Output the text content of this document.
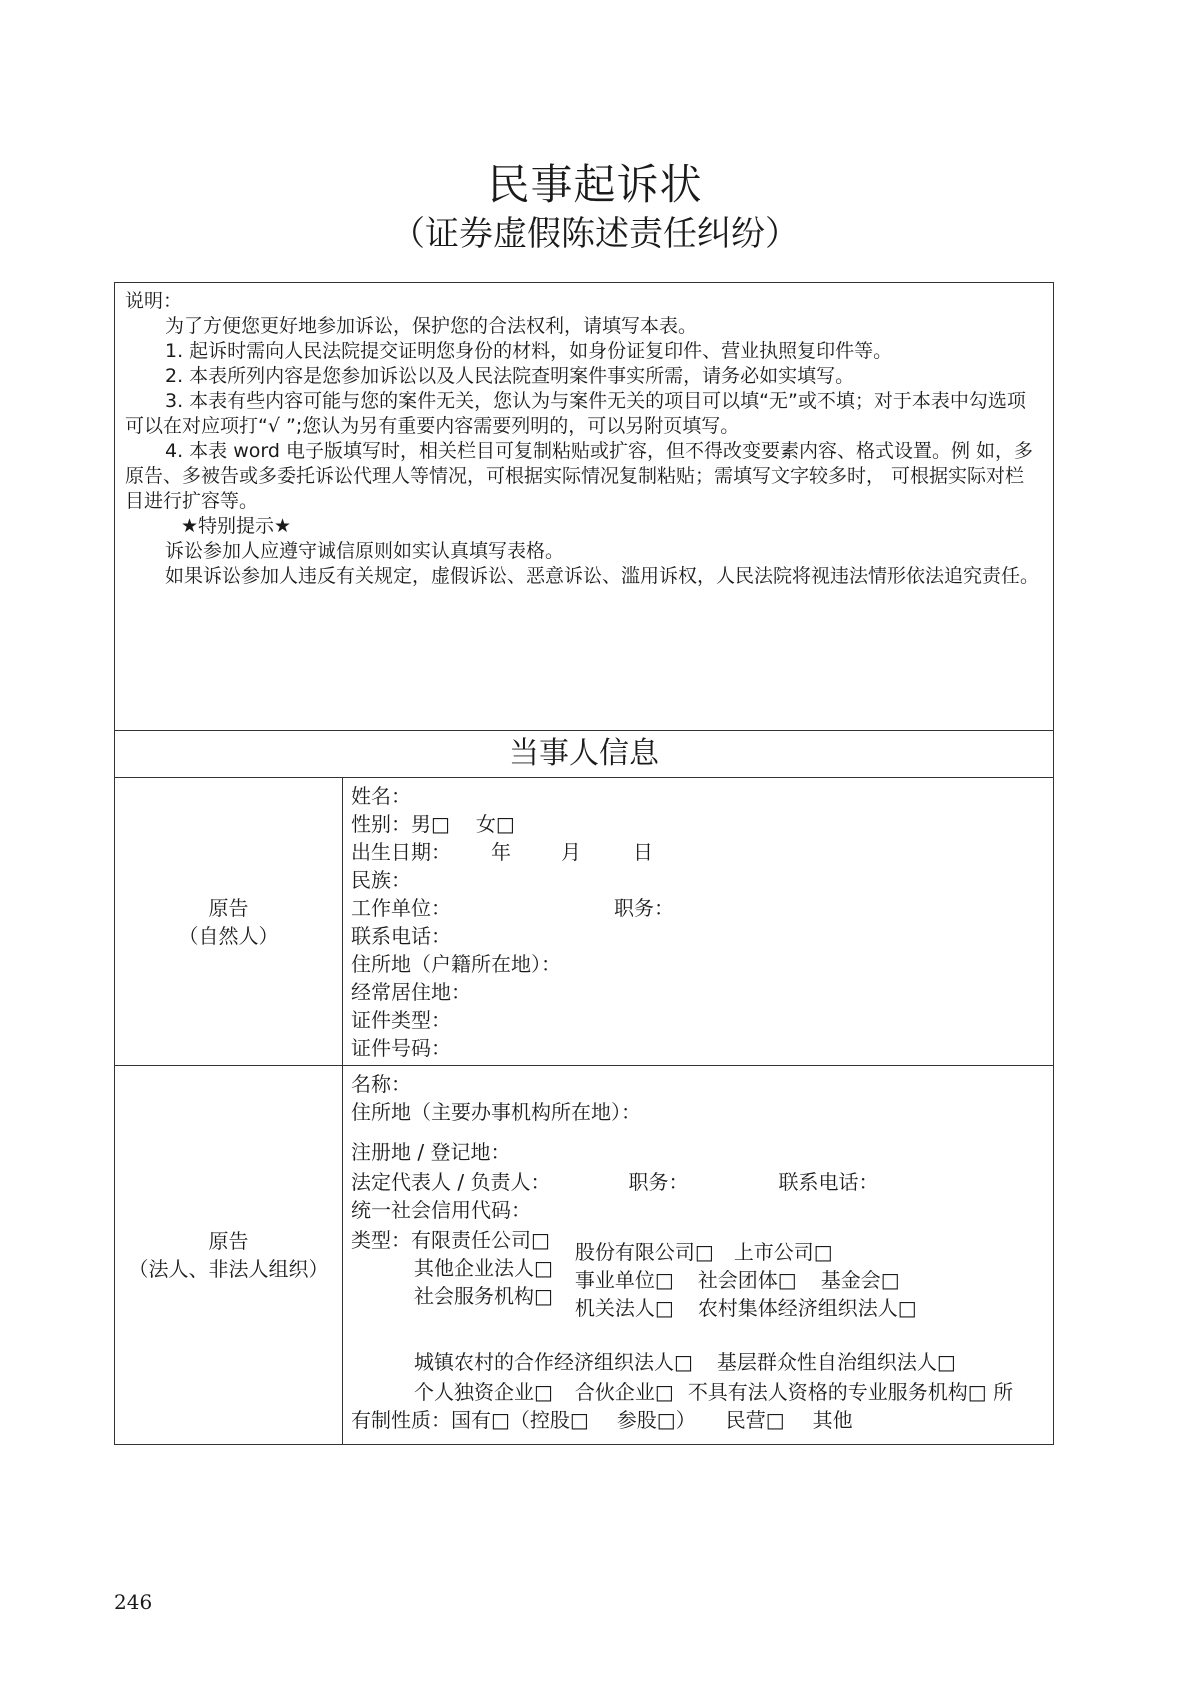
民事起诉状
（证券虚假陈述责任纠纷）

说明：

为了方便您更好地参加诉讼，保护您的合法权利，请填写本表。

1. 起诉时需向人民法院提交证明您身份的材料，如身份证复印件、营业执照复印件等。

2. 本表所列内容是您参加诉讼以及人民法院查明案件事实所需，请务必如实填写。

3. 本表有些内容可能与您的案件无关，您认为与案件无关的项目可以填“无”或不填；对于本表中勾选项可以在对应项打“√ ”;您认为另有重要内容需要列明的，可以另附页填写。

4. 本表 word 电子版填写时，相关栏目可复制粘贴或扩容，但不得改变要素内容、格式设置。例 如，多原告、多被告或多委托诉讼代理人等情况，可根据实际情况复制粘贴；需填写文字较多时， 可根据实际对栏目进行扩容等。

★特别提示★

诉讼参加人应遵守诚信原则如实认真填写表格。

如果诉讼参加人违反有关规定，虚假诉讼、恶意诉讼、滥用诉权，人民法院将视违法情形依法追究责任。

当事人信息
原告
（自然人）
姓名：
性别：男□ 女□
出生日期： 年	月	日
民族：
工作单位：	职务：
联系电话：
住所地（户籍所在地）：
经常居住地：
证件类型：
证件号码：
原告
（法人、非法人组织）
名称：
住所地（主要办事机构所在地）：
注册地 / 登记地：
法定代表人 / 负责人：	职务：	联系电话：
统一社会信用代码：
类型：有限责任公司□
其他企业法人□
社会服务机构□
股份有限公司□ 上市公司□
事业单位□ 社会团体□ 基金会□
机关法人□ 农村集体经济组织法人□
城镇农村的合作经济组织法人□ 基层群众性自治组织法人□
个人独资企业□ 合伙企业□ 不具有法人资格的专业服务机构□ 所
有制性质：国有□（控股□ 参股□） 民营□ 其他
246
